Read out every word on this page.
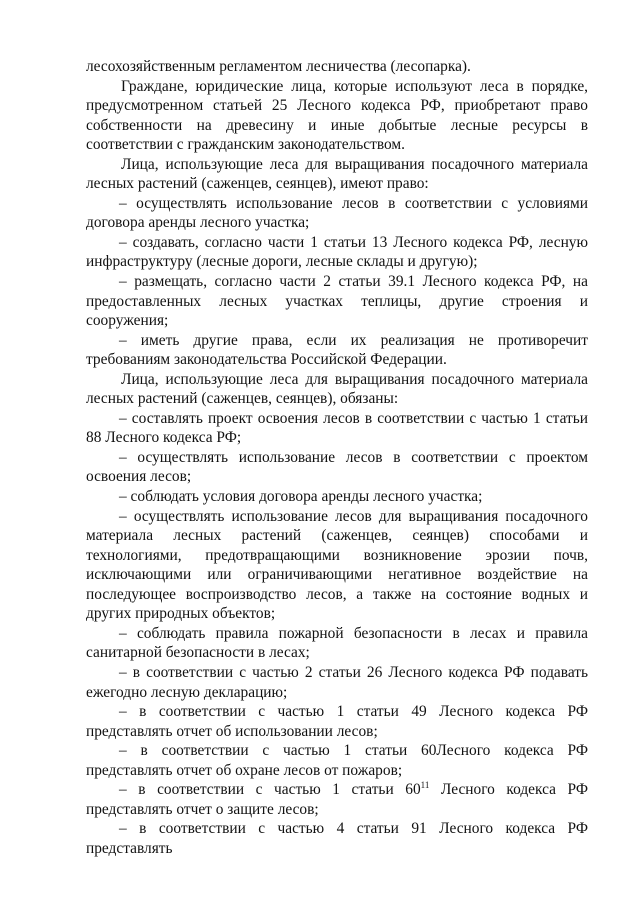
лесохозяйственным регламентом лесничества (лесопарка).

Граждане, юридические лица, которые используют леса в порядке, предусмотренном статьей 25 Лесного кодекса РФ, приобретают право собственности на древесину и иные добытые лесные ресурсы в соответствии с гражданским законодательством.

Лица, использующие леса для выращивания посадочного материала лесных растений (саженцев, сеянцев), имеют право:

– осуществлять использование лесов в соответствии с условиями договора аренды лесного участка;

– создавать, согласно части 1 статьи 13 Лесного кодекса РФ, лесную инфраструктуру (лесные дороги, лесные склады и другую);

– размещать, согласно части 2 статьи 39.1 Лесного кодекса РФ, на предоставленных лесных участках теплицы, другие строения и сооружения;

– иметь другие права, если их реализация не противоречит требованиям законодательства Российской Федерации.

Лица, использующие леса для выращивания посадочного материала лесных растений (саженцев, сеянцев), обязаны:

– составлять проект освоения лесов в соответствии с частью 1 статьи 88 Лесного кодекса РФ;

– осуществлять использование лесов в соответствии с проектом освоения лесов;

– соблюдать условия договора аренды лесного участка;

– осуществлять использование лесов для выращивания посадочного материала лесных растений (саженцев, сеянцев) способами и технологиями, предотвращающими возникновение эрозии почв, исключающими или ограничивающими негативное воздействие на последующее воспроизводство лесов, а также на состояние водных и других природных объектов;

– соблюдать правила пожарной безопасности в лесах и правила санитарной безопасности в лесах;

– в соответствии с частью 2 статьи 26 Лесного кодекса РФ подавать ежегодно лесную декларацию;

– в соответствии с частью 1 статьи 49 Лесного кодекса РФ представлять отчет об использовании лесов;

– в соответствии с частью 1 статьи 60Лесного кодекса РФ представлять отчет об охране лесов от пожаров;

– в соответствии с частью 1 статьи $60^{11}$ Лесного кодекса РФ представлять отчет о защите лесов;

– в соответствии с частью 4 статьи 91 Лесного кодекса РФ представлять
